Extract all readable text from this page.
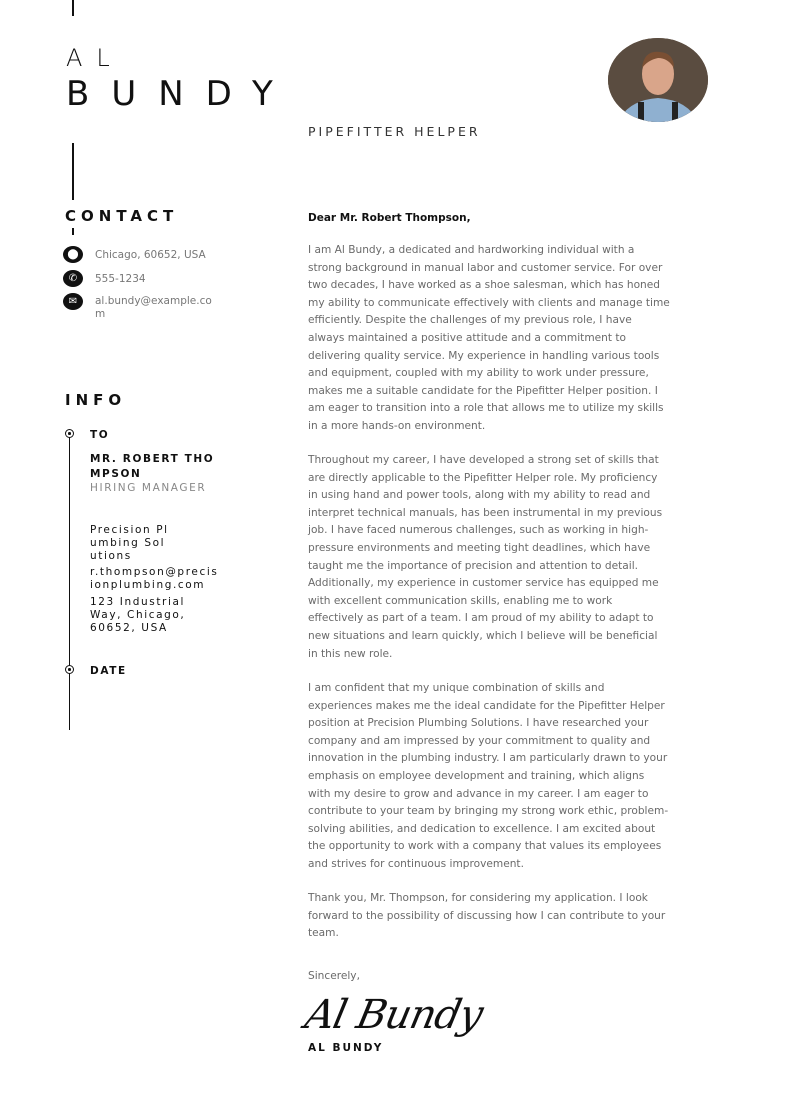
AL
BUNDY
PIPEFITTER HELPER
CONTACT
⬤	Chicago, 60652, USA
✆	555-1234
✉	al.bundy@example.com
INFO
TO
MR. ROBERT THOMPSON
HIRING MANAGER
Precision Plumbing Solutions
r.thompson@precisionplumbing.com
123 Industrial Way, Chicago, 60652, USA
DATE
Dear Mr. Robert Thompson,
I am Al Bundy, a dedicated and hardworking individual with a strong background in manual labor and customer service. For over two decades, I have worked as a shoe salesman, which has honed my ability to communicate effectively with clients and manage time efficiently. Despite the challenges of my previous role, I have always maintained a positive attitude and a commitment to delivering quality service. My experience in handling various tools and equipment, coupled with my ability to work under pressure, makes me a suitable candidate for the Pipefitter Helper position. I am eager to transition into a role that allows me to utilize my skills in a more hands-on environment.
Throughout my career, I have developed a strong set of skills that are directly applicable to the Pipefitter Helper role. My proficiency in using hand and power tools, along with my ability to read and interpret technical manuals, has been instrumental in my previous job. I have faced numerous challenges, such as working in high-pressure environments and meeting tight deadlines, which have taught me the importance of precision and attention to detail. Additionally, my experience in customer service has equipped me with excellent communication skills, enabling me to work effectively as part of a team. I am proud of my ability to adapt to new situations and learn quickly, which I believe will be beneficial in this new role.
I am confident that my unique combination of skills and experiences makes me the ideal candidate for the Pipefitter Helper position at Precision Plumbing Solutions. I have researched your company and am impressed by your commitment to quality and innovation in the plumbing industry. I am particularly drawn to your emphasis on employee development and training, which aligns with my desire to grow and advance in my career. I am eager to contribute to your team by bringing my strong work ethic, problem-solving abilities, and dedication to excellence. I am excited about the opportunity to work with a company that values its employees and strives for continuous improvement.
Thank you, Mr. Thompson, for considering my application. I look forward to the possibility of discussing how I can contribute to your team.
Sincerely,
Al Bundy
AL BUNDY
